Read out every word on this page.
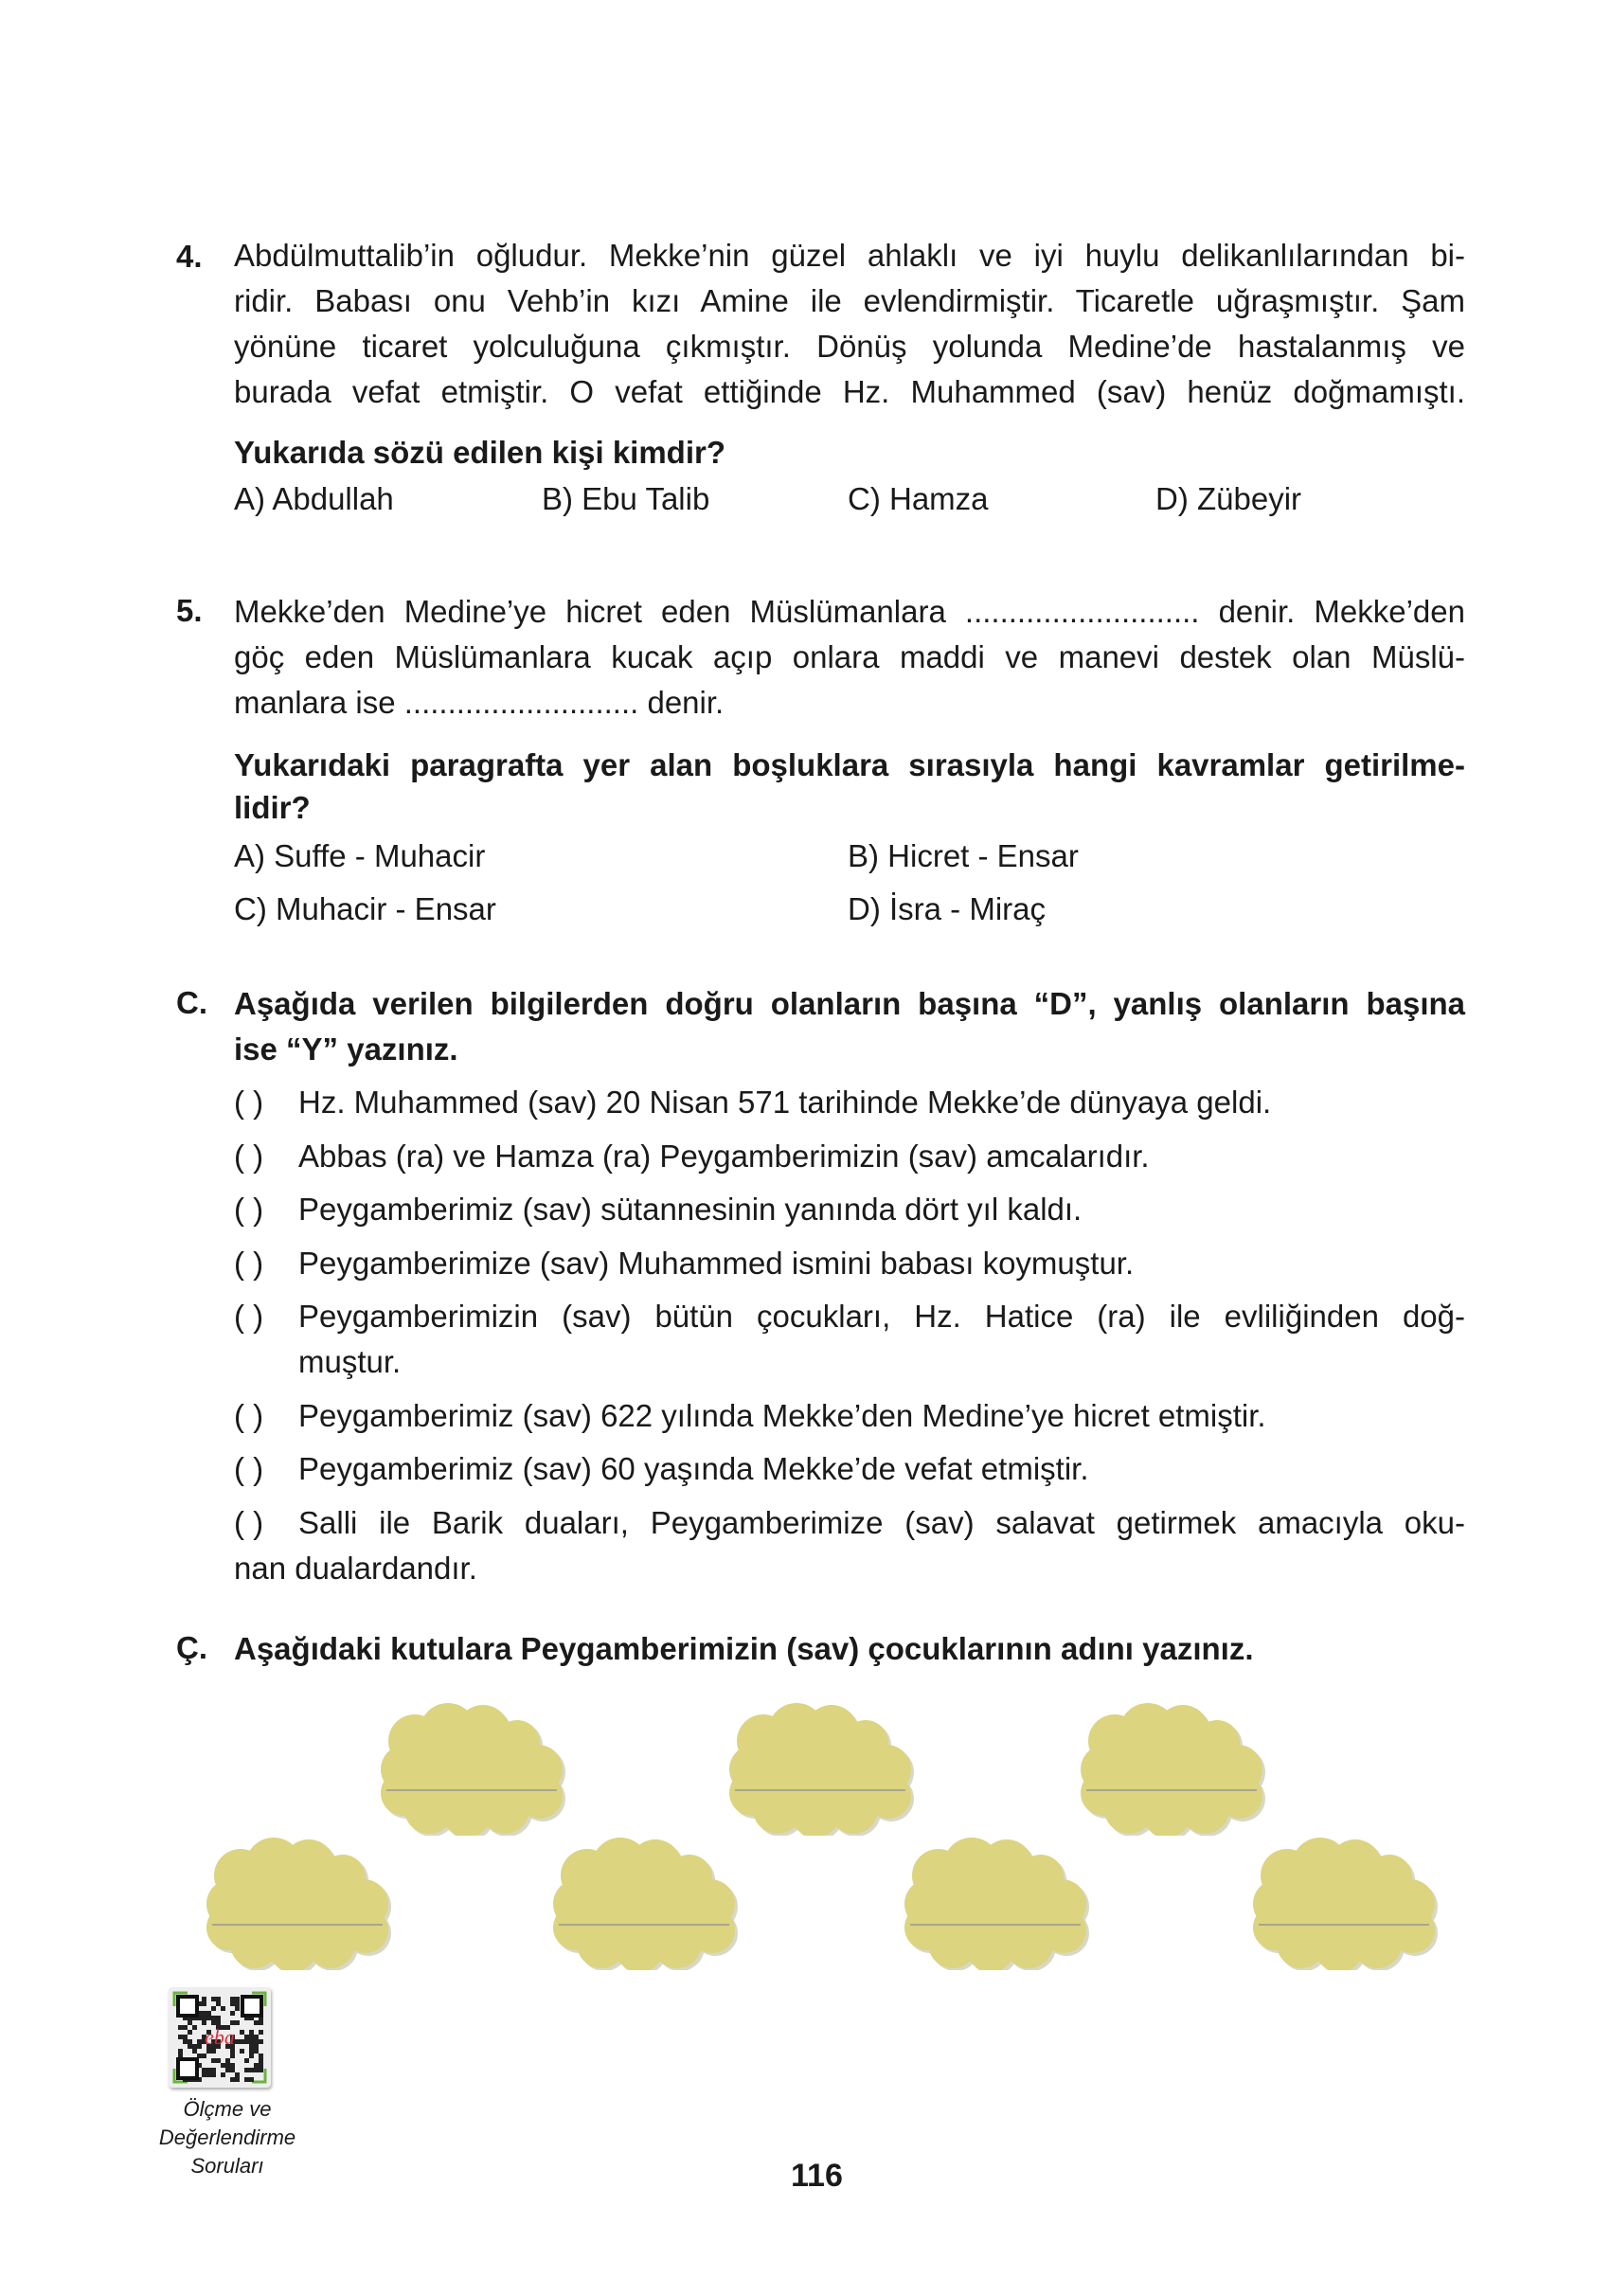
4. Abdülmuttalib’in oğludur. Mekke’nin güzel ahlaklı ve iyi huylu delikanlılarından bi-
ridir. Babası onu Vehb’in kızı Amine ile evlendirmiştir. Ticaretle uğraşmıştır. Şam
yönüne ticaret yolculuğuna çıkmıştır. Dönüş yolunda Medine’de hastalanmış ve
burada vefat etmiştir. O vefat ettiğinde Hz. Muhammed (sav) henüz doğmamıştı.
Yukarıda sözü edilen kişi kimdir?
A) Abdullah	B) Ebu Talib	C) Hamza	D) Zübeyir
5. Mekke’den Medine’ye hicret eden Müslümanlara ........................... denir. Mekke’den
göç eden Müslümanlara kucak açıp onlara maddi ve manevi destek olan Müslü-
manlara ise ........................... denir.
Yukarıdaki paragrafta yer alan boşluklara sırasıyla hangi kavramlar getirilme-
lidir?
A) Suffe - Muhacir	B) Hicret - Ensar
C) Muhacir - Ensar	D) İsra - Miraç
C. Aşağıda verilen bilgilerden doğru olanların başına “D”, yanlış olanların başına
ise “Y” yazınız.
( ) Hz. Muhammed (sav) 20 Nisan 571 tarihinde Mekke’de dünyaya geldi.
( ) Abbas (ra) ve Hamza (ra) Peygamberimizin (sav) amcalarıdır.
( ) Peygamberimiz (sav) sütannesinin yanında dört yıl kaldı.
( ) Peygamberimize (sav) Muhammed ismini babası koymuştur.
( ) Peygamberimizin (sav) bütün çocukları, Hz. Hatice (ra) ile evliliğinden doğ-
muştur.
( ) Peygamberimiz (sav) 622 yılında Mekke’den Medine’ye hicret etmiştir.
( ) Peygamberimiz (sav) 60 yaşında Mekke’de vefat etmiştir.
( ) Salli ile Barik duaları, Peygamberimize (sav) salavat getirmek amacıyla oku-
nan dualardandır.
Ç. Aşağıdaki kutulara Peygamberimizin (sav) çocuklarının adını yazınız.
eba
Ölçme ve
Değerlendirme
Soruları	116
